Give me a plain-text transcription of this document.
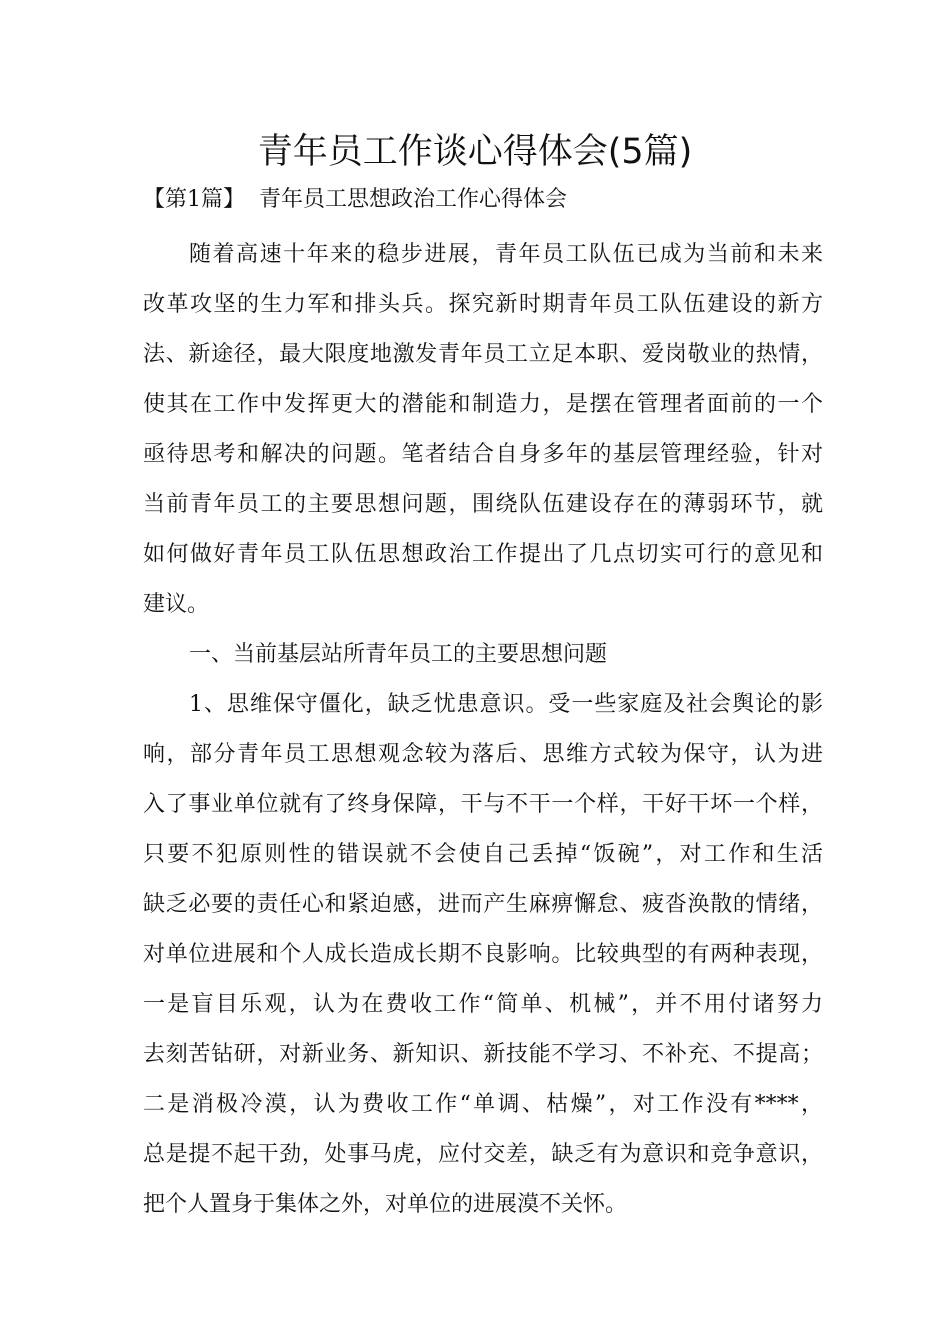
青年员工作谈心得体会(5篇)
【第1篇】 青年员工思想政治工作心得体会
随着高速十年来的稳步进展，青年员工队伍已成为当前和未来
改革攻坚的生力军和排头兵。探究新时期青年员工队伍建设的新方
法、新途径，最大限度地激发青年员工立足本职、爱岗敬业的热情，
使其在工作中发挥更大的潜能和制造力，是摆在管理者面前的一个
亟待思考和解决的问题。笔者结合自身多年的基层管理经验，针对
当前青年员工的主要思想问题，围绕队伍建设存在的薄弱环节，就
如何做好青年员工队伍思想政治工作提出了几点切实可行的意见和
建议。
一、当前基层站所青年员工的主要思想问题
1、思维保守僵化，缺乏忧患意识。受一些家庭及社会舆论的影
响，部分青年员工思想观念较为落后、思维方式较为保守，认为进
入了事业单位就有了终身保障，干与不干一个样，干好干坏一个样，
只要不犯原则性的错误就不会使自己丢掉“饭碗”，对工作和生活
缺乏必要的责任心和紧迫感，进而产生麻痹懈怠、疲沓涣散的情绪，
对单位进展和个人成长造成长期不良影响。比较典型的有两种表现，
一是盲目乐观，认为在费收工作“简单、机械”，并不用付诸努力
去刻苦钻研，对新业务、新知识、新技能不学习、不补充、不提高；
二是消极冷漠，认为费收工作“单调、枯燥”，对工作没有****，
总是提不起干劲，处事马虎，应付交差，缺乏有为意识和竞争意识，
把个人置身于集体之外，对单位的进展漠不关怀。
